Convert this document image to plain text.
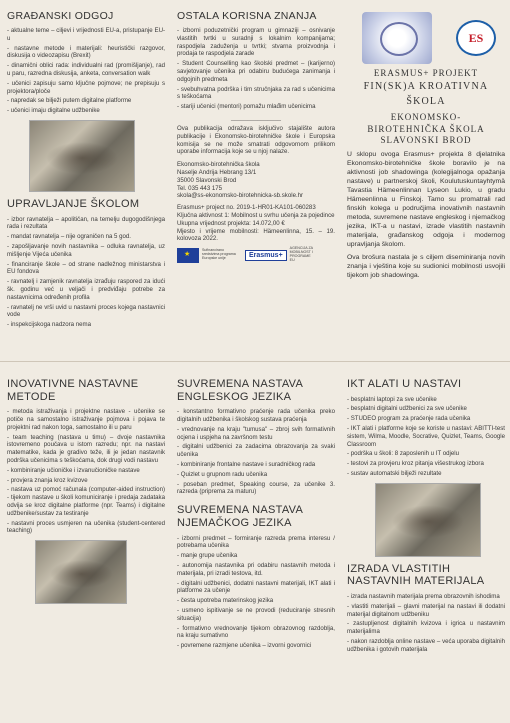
GRAĐANSKI ODGOJ

- aktualne teme – ciljevi i vrijednosti EU-a, pristupanje EU-u

- nastavne metode i materijali: heuristički razgovor, diskusija o videozapisu (Brexit)

- dinamični oblici rada: individualni rad (promišljanje), rad u paru, razredna diskusija, anketa, conversation walk

- učenici zapisuju samo ključne pojmove; ne prepisuju s projektora/ploče

- napredak se bilježi putem digitalne platforme

- učenici imaju digitalne udžbenike

UPRAVLJANJE ŠKOLOM

- izbor ravnatelja – apolitičan, na temelju dugogodišnjega rada i rezultata

- mandat ravnatelja – nije ograničen na 5 god.

- zapošljavanje novih nastavnika – odluka ravnatelja, uz mišljenje Vijeća učenika

- financiranje škole – od strane nadležnog ministarstva i EU fondova

- ravnatelj i zamjenik ravnatelja izrađuju raspored za idući šk. godinu već u veljači i predviđaju potrebe za nastavnicima određenih profila

- ravnatelj ne vrši uvid u nastavni proces kojega nastavnici vode

- inspekcijskoga nadzora nema

OSTALA KORISNA ZNANJA

- izborni poduzetnički program u gimnaziji – osnivanje vlastitih tvrtki u suradnji s lokalnim kompanijama; raspodjela zaduženja u tvrtki; stvarna proizvodnja i prodaja te raspodjela zarade

- Student Counselling kao školski predmet – (karijerno) savjetovanje učenika pri odabiru budućega zanimanja i odgojnih predmeta

- svebuhvatna podrška i tim stručnjaka za rad s učenicima s teškoćama

- stariji učenici (mentori) pomažu mlađim učenicima

_______________

Ova publikacija odražava isključivo stajalište autora publikacije i Ekonomsko-birotehničke škole i Europska komisija se ne može smatrati odgovornom prilikom uporabe informacija koje se u njoj nalaze.

Ekonomsko-birotehnička škola

Naselje Andrija Hebrang 13/1

35000 Slavonski Brod

Tel. 035 443 175

skola@ss-ekonomsko-birotehnicka-sb.skole.hr

Erasmus+ project no. 2019-1-HR01-KA101-060283

Ključna aktivnost 1: Mobilnost u svrhu učenja za pojedince

Ukupna vrijednost projekta: 14.072,00 €

Mjesto i vrijeme mobilnosti: Hämeenlinna, 15. – 19. kolovoza 2022.

★
Sufinancirano sredstvima programa Europske unije	Erasmus+
AGENCIJA ZA MOBILNOST I PROGRAME EU
ES
ERASMUS+ PROJEKT
FIN(SK)A KROATIVNA
ŠKOLA
EKONOMSKO-
BIROTEHNIČKA ŠKOLA
SLAVONSKI BROD

U sklopu ovoga Erasmus+ projekta 8 djelatnika Ekonomsko-birotehničke škole boravilo je na aktivnosti job shadowinga (kolegijalnoga opažanja nastave) u partnerskoj školi, Koulutuskuntayhtymä Tavastia Hämeenlinnan Lyseon Lukio, u gradu Hämeenlinna u Finskoj. Tamo su promatrali rad finskih kolega u područjima inovativnih nastavnih metoda, suvremene nastave engleskog i njemačkog jezika, IKT-a u nastavi, izrade vlastitih nastavnih materijala, građanskog odgoja i modernog upravljanja školom.

Ova brošura nastala je s ciljem diseminiranja novih znanja i vještina koje su sudionici mobilnosti usvojili tijekom job shadowinga.

INOVATIVNE NASTAVNE METODE

- metoda istraživanja i projektne nastave - učenike se potiče na samostalno istraživanje pojmova i pojava te projektni rad nakon toga, samostalno ili u paru

- team teaching (nastava u timu) – dvoje nastavnika istovremeno poučava u istom razredu; npr. na nastavi matematike, kada je gradivo teže, ili je jedan nastavnik podrška učenicima s teškoćama, dok drugi vodi nastavu

- kombiniranje učioničke i izvanučioničke nastave

- provjera znanja kroz kvizove

- nastava uz pomoć računala (computer-aided instruction) - tijekom nastave u školi komuniciranje i predaja zadataka odvija se kroz digitalne platforme (npr. Teams) i digitalne udžbenike/sustav za testiranje

- nastavni proces usmjeren na učenika (student-centered teaching)

SUVREMENA NASTAVA ENGLESKOG JEZIKA

- konstantno formativno praćenje rada učenika preko digitalnih udžbenika i školskog sustava praćenja

- vrednovanje na kraju "tumusa" – zbroj svih formativnih ocjena i uspjeha na završnom testu

- digitalni udžbenici za zadacima obrazovanja za svaki učenika

- kombiniranje frontalne nastave i suradničkog rada

- Quizlet u grupnom radu učenika

- poseban predmet, Speaking course, za učenike 3. razreda (priprema za maturu)

SUVREMENA NASTAVA NJEMAČKOG JEZIKA

- izborni predmet – formiranje razreda prema interesu / potrebama učenika

- manje grupe učenika

- autonomija nastavnika pri odabiru nastavnih metoda i materijala, pri izradi testova, itd.

- digitalni udžbenici, dodatni nastavni materijali, IKT alati i platforme za učenje

- česta upotreba materinskog jezika

- usmeno ispitivanje se ne provodi (reduciranje stresnih situacija)

- formativno vrednovanje tijekom obrazovnog razdoblja, na kraju sumativno

- povremene razmjene učenika – izvorni govornici

IKT ALATI U NASTAVI

- besplatni laptopi za sve učenike

- besplatni digitalni udžbenici za sve učenike

- STUDEO program za praćenje rada učenika

- IKT alati i platforme koje se koriste u nastavi: ABITTI-test sistem, Wilma, Moodle, Socrative, Quizlet, Teams, Google Classroom

- podrška u školi: 8 zaposlenih u IT odjelu

- testovi za provjeru kroz pitanja višestrukog izbora

- sustav automatski bilježi rezultate

IZRADA VLASTITIH NASTAVNIH MATERIJALA

- izrada nastavnih materijala prema obrazovnih ishodima

- vlastiti materijali – glavni materijal na nastavi ili dodatni materijal digitalnom udžbeniku

- zastupljenost digitalnih kvizova i igrica u nastavnim materijalima

- nakon razdoblja online nastave – veća uporaba digitalnih udžbenika i gotovih materijala
